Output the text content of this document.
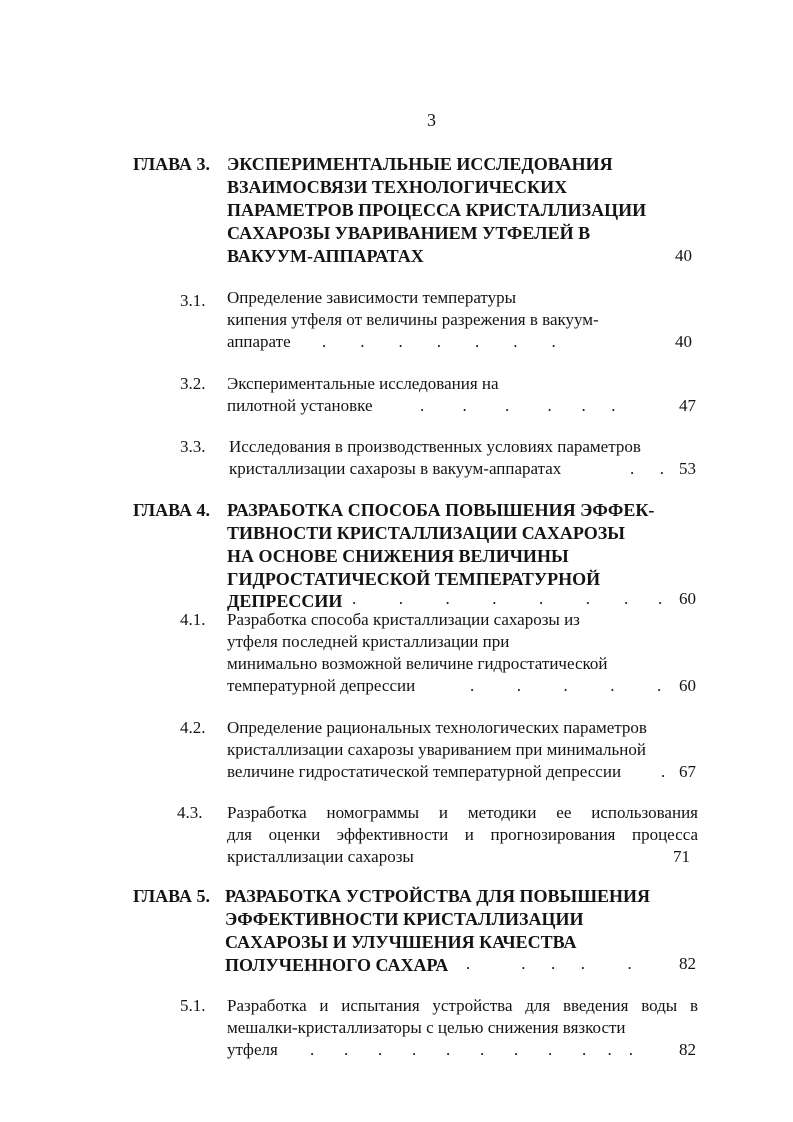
3
ГЛАВА 3. ЭКСПЕРИМЕНТАЛЬНЫЕ ИССЛЕДОВАНИЯ
ВЗАИМОСВЯЗИ ТЕХНОЛОГИЧЕСКИХ
ПАРАМЕТРОВ ПРОЦЕССА КРИСТАЛЛИЗАЦИИ
САХАРОЗЫ УВАРИВАНИЕМ УТФЕЛЕЙ В
ВАКУУМ-АППАРАТАХ	40
3.1. Определение зависимости температуры
кипения утфеля от величины разрежения в вакуум-
аппарате .        .        .        .        .        .        .	40
3.2. Экспериментальные исследования на
пилотной установке	.         .         .         .       .      .	47
3.3. Исследования в производственных условиях параметров
кристаллизации сахарозы в вакуум-аппаратах	.      . 53
ГЛАВА 4. РАЗРАБОТКА СПОСОБА ПОВЫШЕНИЯ ЭФФЕК-
ТИВНОСТИ КРИСТАЛЛИЗАЦИИ САХАРОЗЫ
НА ОСНОВЕ СНИЖЕНИЯ ВЕЛИЧИНЫ
ГИДРОСТАТИЧЕСКОЙ ТЕМПЕРАТУРНОЙ
ДЕПРЕССИИ .          .          .          .          .          .        .       . 60
4.1. Разработка способа кристаллизации сахарозы из
утфеля последней кристаллизации при
минимально возможной величине гидростатической
температурной депрессии	.          .          .          .          .	60
4.2. Определение рациональных технологических параметров
кристаллизации сахарозы увариванием при минимальной
величине гидростатической температурной депрессии . 67
4.3. Разработка номограммы и методики ее использования
для оценки эффективности и прогнозирования процесса
кристаллизации сахарозы	71
ГЛАВА 5. РАЗРАБОТКА УСТРОЙСТВА ДЛЯ ПОВЫШЕНИЯ
ЭФФЕКТИВНОСТИ КРИСТАЛЛИЗАЦИИ
САХАРОЗЫ И УЛУЧШЕНИЯ КАЧЕСТВА
ПОЛУЧЕННОГО САХАРА .            .      .      .          .	82
5.1. Разработка и испытания устройства для введения воды в
мешалки-кристаллизаторы с целью снижения вязкости
утфеля .       .       .       .       .       .       .       .       .     .    .	82
